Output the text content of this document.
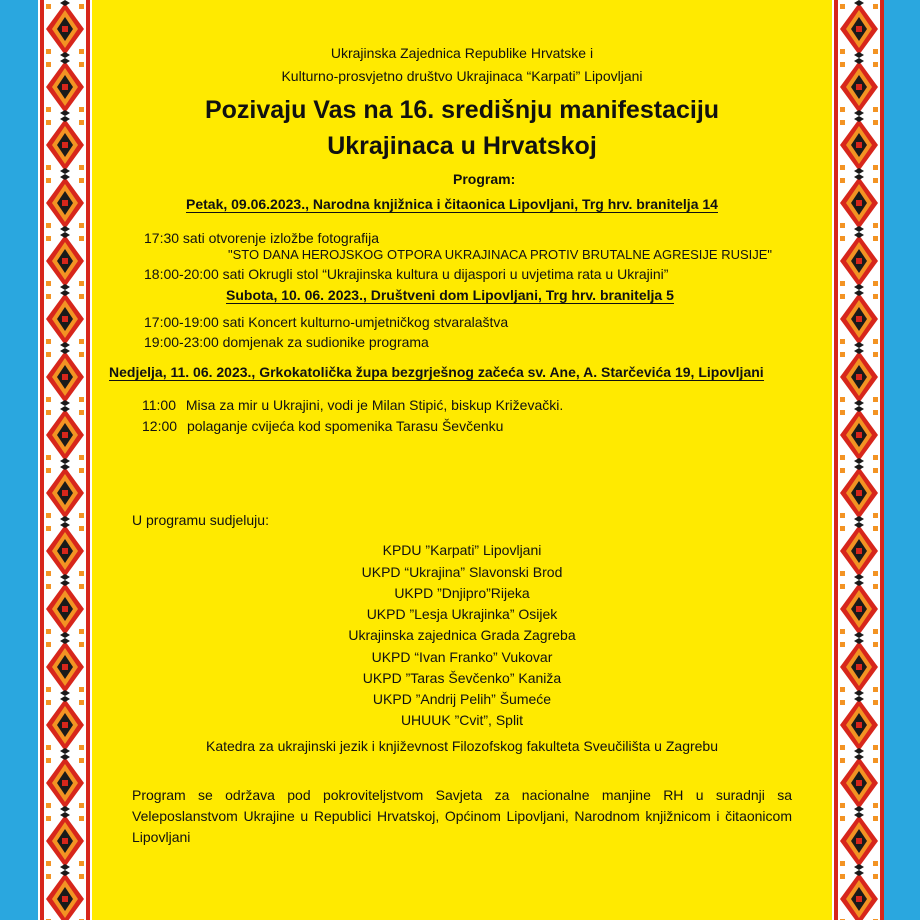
Ukrajinska Zajednica Republike Hrvatske i
Kulturno-prosvjetno društvo Ukrajinaca “Karpati” Lipovljani
Pozivaju Vas na 16. središnju manifestaciju
Ukrajinaca u Hrvatskoj
Program:
Petak, 09.06.2023., Narodna knjižnica i čitaonica Lipovljani, Trg hrv. branitelja 14
17:30 sati otvorenje izložbe fotografija
"STO DANA HEROJSKOG OTPORA UKRAJINACA PROTIV BRUTALNE AGRESIJE RUSIJE"
18:00-20:00 sati Okrugli stol “Ukrajinska kultura u dijaspori u uvjetima rata u Ukrajini”
Subota, 10. 06. 2023., Društveni dom Lipovljani, Trg hrv. branitelja 5
17:00-19:00 sati Koncert kulturno-umjetničkog stvaralaštva
19:00-23:00 domjenak za sudionike programa
Nedjelja, 11. 06. 2023., Grkokatolička župa bezgrješnog začeća sv. Ane, A. Starčevića 19, Lipovljani
11:00 Misa za mir u Ukrajini, vodi je Milan Stipić, biskup Križevački.
12:00 polaganje cvijeća kod spomenika Tarasu Ševčenku
U programu sudjeluju:
KPDU ”Karpati” Lipovljani
UKPD “Ukrajina” Slavonski Brod
UKPD ”Dnjipro”Rijeka
UKPD ”Lesja Ukrajinka” Osijek
Ukrajinska zajednica Grada Zagreba
UKPD “Ivan Franko” Vukovar
UKPD ”Taras Ševčenko” Kaniža
UKPD ”Andrij Pelih” Šumeće
UHUUK ”Cvit”, Split
Katedra za ukrajinski jezik i književnost Filozofskog fakulteta Sveučilišta u Zagrebu
Program se održava pod pokroviteljstvom Savjeta za nacionalne manjine RH u suradnji sa Veleposlanstvom Ukrajine u Republici Hrvatskoj, Općinom Lipovljani, Narodnom knjižnicom i čitaonicom Lipovljani
